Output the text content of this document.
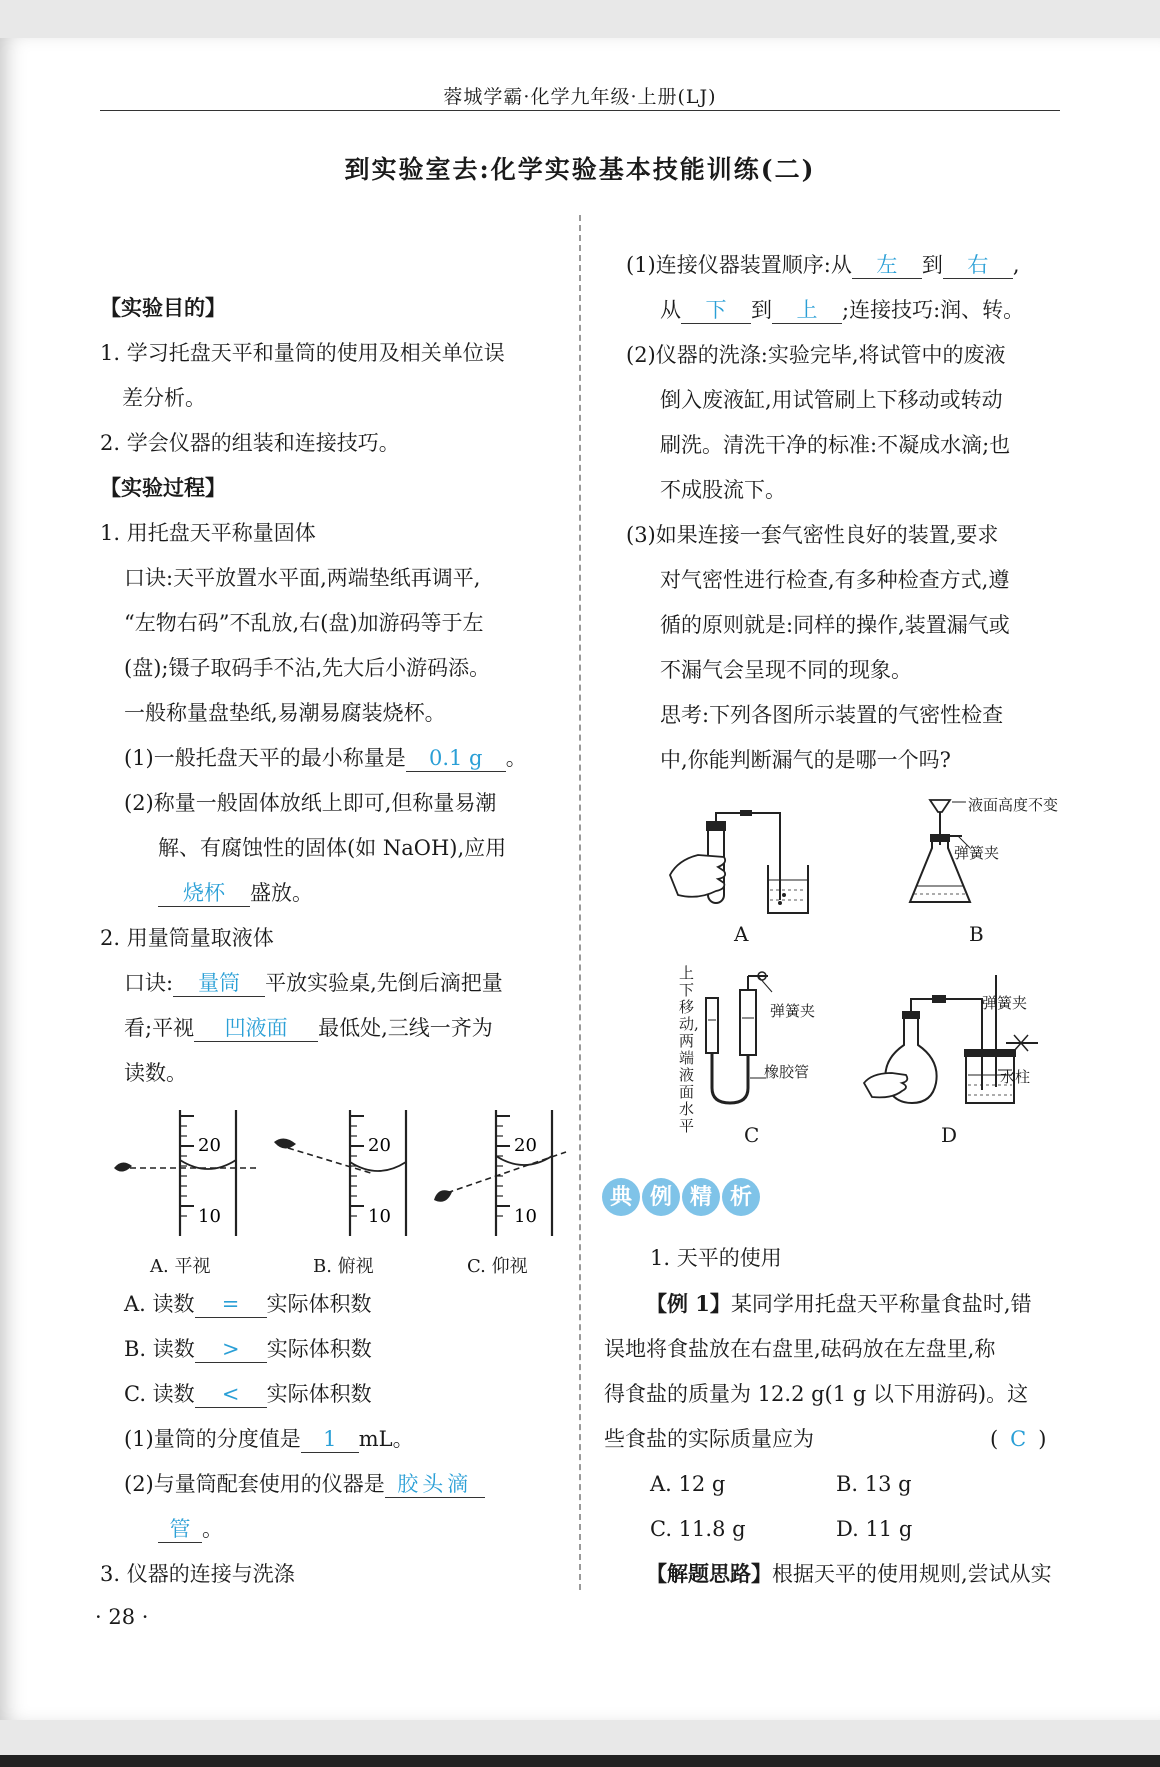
蓉城学霸·化学九年级·上册(LJ)
到实验室去:化学实验基本技能训练(二)
【实验目的】
1. 学习托盘天平和量筒的使用及相关单位误
差分析。
2. 学会仪器的组装和连接技巧。
【实验过程】
1. 用托盘天平称量固体
口诀:天平放置水平面,两端垫纸再调平,
“左物右码”不乱放,右(盘)加游码等于左
(盘);镊子取码手不沾,先大后小游码添。
一般称量盘垫纸,易潮易腐装烧杯。
(1)一般托盘天平的最小称量是 0.1 g 。
(2)称量一般固体放纸上即可,但称量易潮
解、有腐蚀性的固体(如 NaOH),应用
烧杯 盛放。
2. 用量筒量取液体
口诀: 量筒 平放实验桌,先倒后滴把量
看;平视 凹液面 最低处,三线一齐为
读数。
20
10
20
10
20
10
A. 平视	B. 俯视	C. 仰视
A. 读数 = 实际体积数
B. 读数 > 实际体积数
C. 读数 < 实际体积数
(1)量筒的分度值是 1 mL。
(2)与量筒配套使用的仪器是 胶头滴
管 。
3. 仪器的连接与洗涤
· 28 ·
(1)连接仪器装置顺序:从 左 到 右 ,
从 下 到 上 ;连接技巧:润、转。
(2)仪器的洗涤:实验完毕,将试管中的废液
倒入废液缸,用试管刷上下移动或转动
刷洗。清洗干净的标准:不凝成水滴;也
不成股流下。
(3)如果连接一套气密性良好的装置,要求
对气密性进行检查,有多种检查方式,遵
循的原则就是:同样的操作,装置漏气或
不漏气会呈现不同的现象。
思考:下列各图所示装置的气密性检查
中,你能判断漏气的是哪一个吗?
A
液面高度不变
弹簧夹
B
上下移动,两端液面水平
弹簧夹
橡胶管
C
弹簧夹
水柱
D
典 例 精 析
1. 天平的使用
【例 1】某同学用托盘天平称量食盐时,错
误地将食盐放在右盘里,砝码放在左盘里,称
得食盐的质量为 12.2 g(1 g 以下用游码)。这
些食盐的实际质量应为	( C )
A. 12 g	B. 13 g
C. 11.8 g	D. 11 g
【解题思路】根据天平的使用规则,尝试从实
